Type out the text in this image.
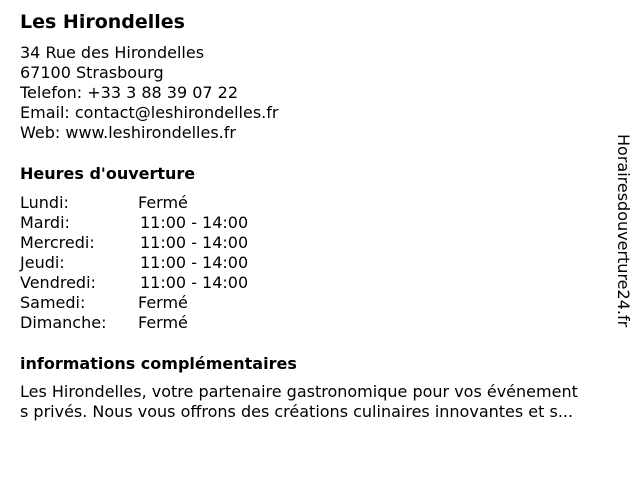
Les Hirondelles
34 Rue des Hirondelles
67100 Strasbourg
Telefon: +33 3 88 39 07 22
Email: contact@leshirondelles.fr
Web: www.leshirondelles.fr
Heures d'ouverture
Lundi:	Fermé
Mardi:	11:00 - 14:00
Mercredi:	11:00 - 14:00
Jeudi:	11:00 - 14:00
Vendredi:	11:00 - 14:00
Samedi:	Fermé
Dimanche: Fermé
informations complémentaires
Les Hirondelles, votre partenaire gastronomique pour vos événement
s privés. Nous vous offrons des créations culinaires innovantes et s...
Horairesdouverture24.fr
